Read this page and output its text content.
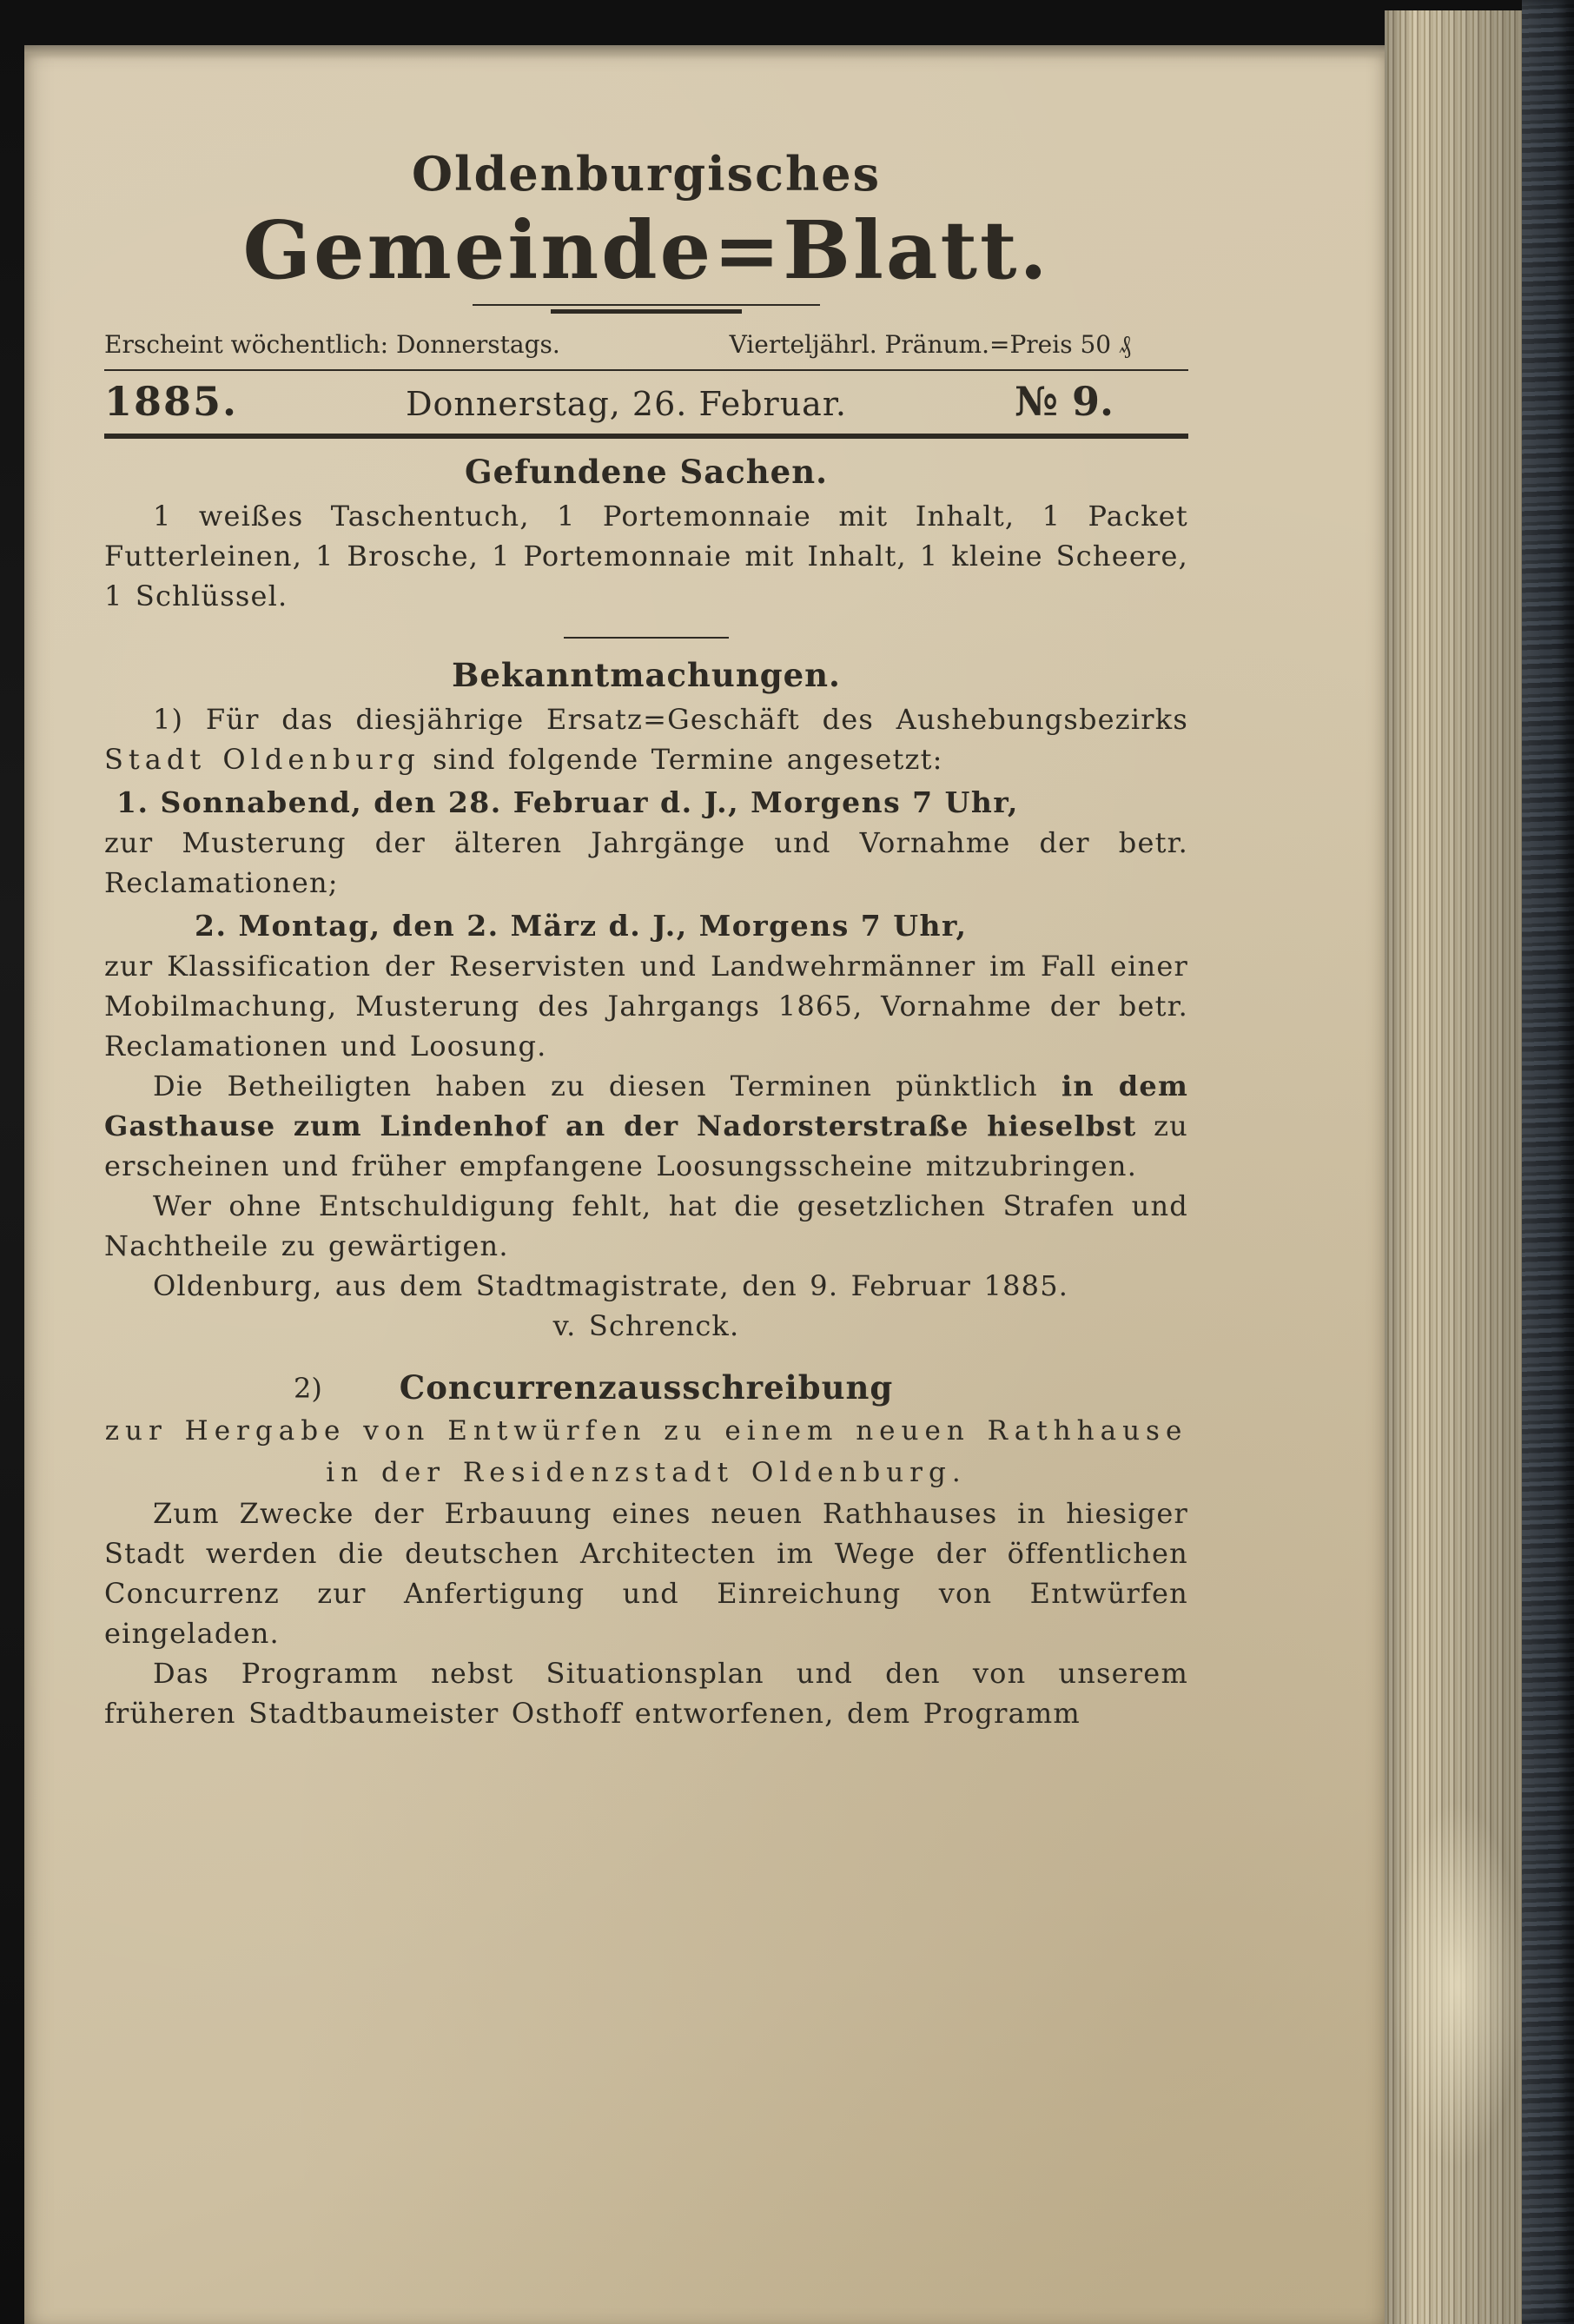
Oldenburgisches
Gemeinde=Blatt.
Erscheint wöchentlich: Donnerstags.	Vierteljährl. Pränum.=Preis 50 ₰
1885.	Donnerstag, 26. Februar.	№ 9.
Gefundene Sachen.

1 weißes Taschentuch, 1 Portemonnaie mit Inhalt, 1 Packet Futterleinen, 1 Brosche, 1 Portemonnaie mit Inhalt, 1 kleine Scheere, 1 Schlüssel.

Bekanntmachungen.

1) Für das diesjährige Ersatz=Geschäft des Aushebungsbezirks Stadt Oldenburg sind folgende Termine angesetzt:

1. Sonnabend, den 28. Februar d. J., Morgens 7 Uhr,

zur Musterung der älteren Jahrgänge und Vornahme der betr. Reclamationen;

2. Montag, den 2. März d. J., Morgens 7 Uhr,

zur Klassification der Reservisten und Landwehrmänner im Fall einer Mobilmachung, Musterung des Jahrgangs 1865, Vornahme der betr. Reclamationen und Loosung.

Die Betheiligten haben zu diesen Terminen pünktlich in dem Gasthause zum Lindenhof an der Nadorsterstraße hieselbst zu erscheinen und früher empfangene Loosungsscheine mitzubringen.

Wer ohne Entschuldigung fehlt, hat die gesetzlichen Strafen und Nachtheile zu gewärtigen.

Oldenburg, aus dem Stadtmagistrate, den 9. Februar 1885.

v. Schrenck.

2) Concurrenzausschreibung

zur Hergabe von Entwürfen zu einem neuen Rathhause in der Residenzstadt Oldenburg.

Zum Zwecke der Erbauung eines neuen Rathhauses in hiesiger Stadt werden die deutschen Architecten im Wege der öffentlichen Concurrenz zur Anfertigung und Einreichung von Entwürfen eingeladen.

Das Programm nebst Situationsplan und den von unserem früheren Stadtbaumeister Osthoff entworfenen, dem Programm
